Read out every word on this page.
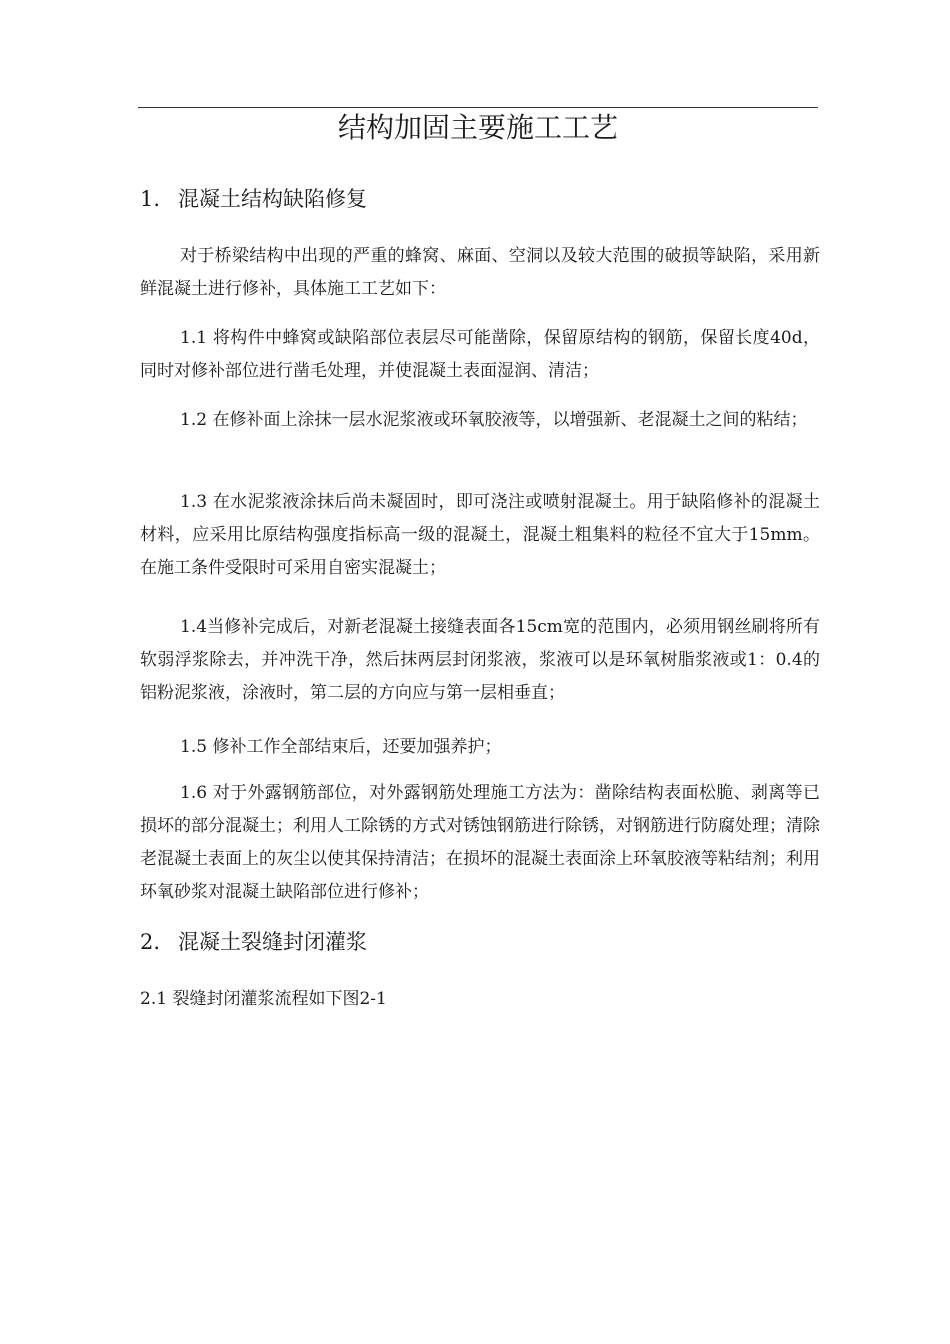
结构加固主要施工工艺
1. 混凝土结构缺陷修复
对于桥梁结构中出现的严重的蜂窝、麻面、空洞以及较大范围的破损等缺陷，采用新鲜混凝土进行修补，具体施工工艺如下：
1.1 将构件中蜂窝或缺陷部位表层尽可能凿除，保留原结构的钢筋，保留长度40d，同时对修补部位进行凿毛处理，并使混凝土表面湿润、清洁；
1.2 在修补面上涂抹一层水泥浆液或环氧胶液等，以增强新、老混凝土之间的粘结；
1.3 在水泥浆液涂抹后尚未凝固时，即可浇注或喷射混凝土。用于缺陷修补的混凝土材料，应采用比原结构强度指标高一级的混凝土，混凝土粗集料的粒径不宜大于15mm。在施工条件受限时可采用自密实混凝土；
1.4当修补完成后，对新老混凝土接缝表面各15cm宽的范围内，必须用钢丝刷将所有软弱浮浆除去，并冲洗干净，然后抹两层封闭浆液，浆液可以是环氧树脂浆液或1：0.4的铝粉泥浆液，涂液时，第二层的方向应与第一层相垂直；
1.5 修补工作全部结束后，还要加强养护；
1.6 对于外露钢筋部位，对外露钢筋处理施工方法为：凿除结构表面松脆、剥离等已损坏的部分混凝土；利用人工除锈的方式对锈蚀钢筋进行除锈，对钢筋进行防腐处理；清除老混凝土表面上的灰尘以使其保持清洁；在损坏的混凝土表面涂上环氧胶液等粘结剂；利用环氧砂浆对混凝土缺陷部位进行修补；
2. 混凝土裂缝封闭灌浆
2.1 裂缝封闭灌浆流程如下图2-1
